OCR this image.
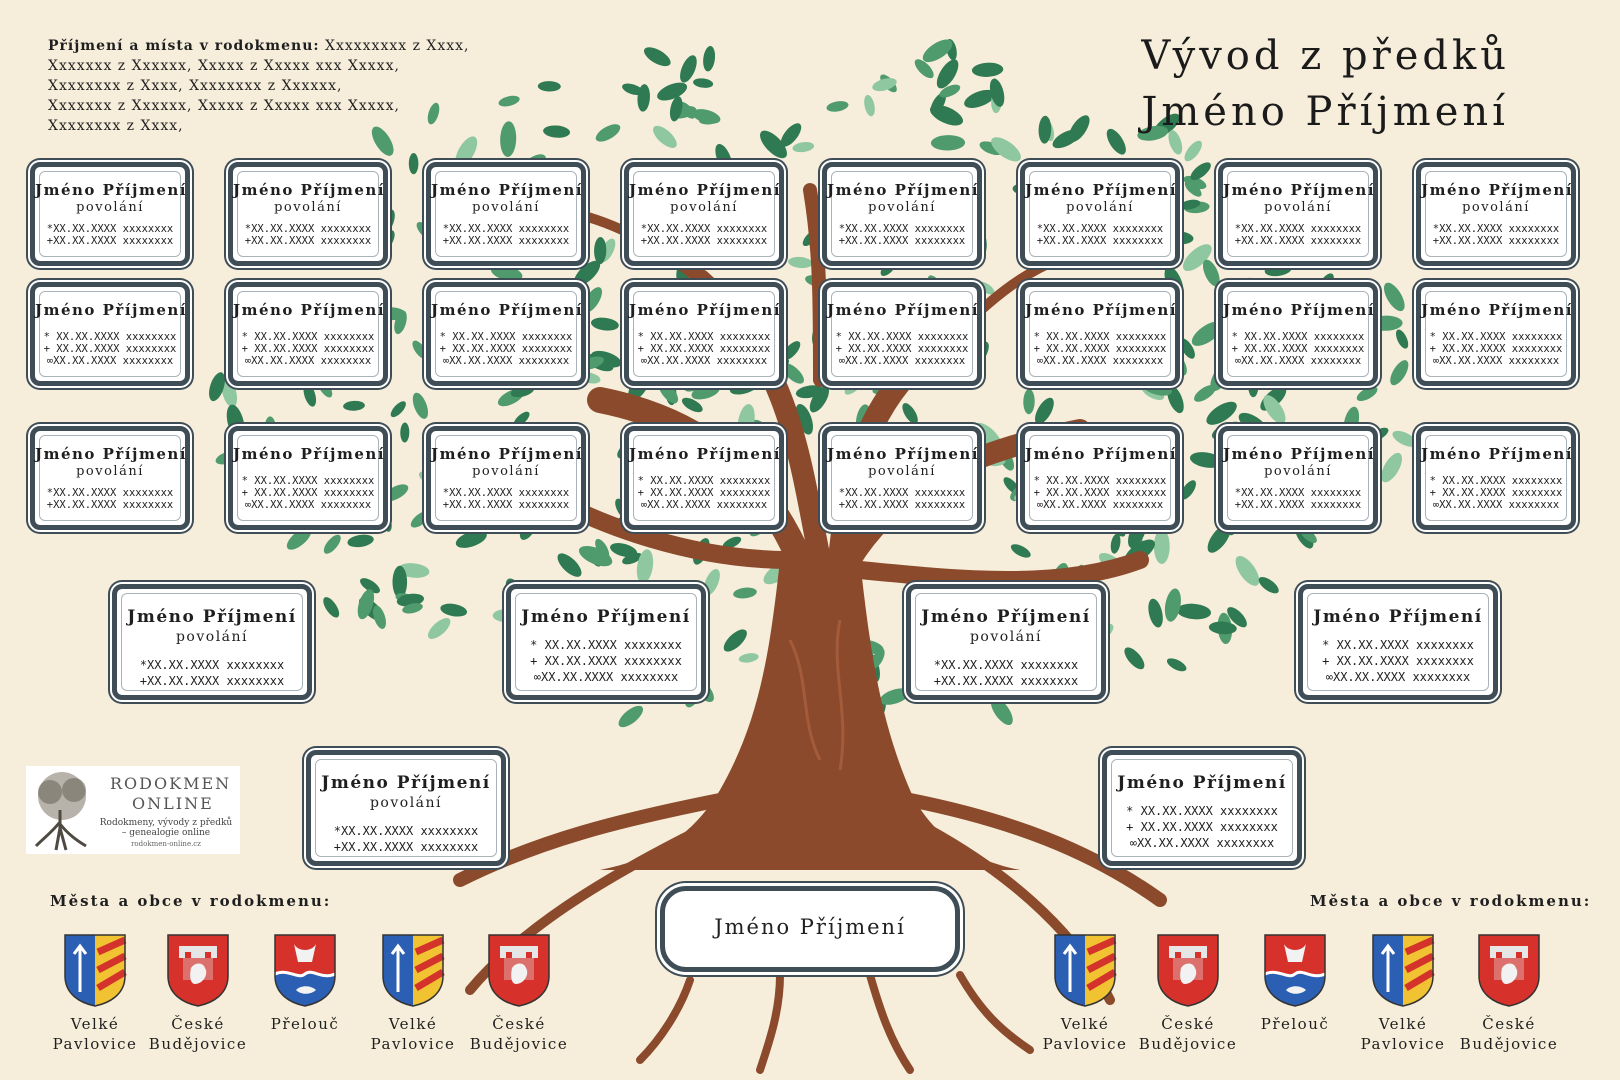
Příjmení a místa v rodokmenu: Xxxxxxxxx z Xxxx,
Xxxxxxx z Xxxxxx, Xxxxx z Xxxxx xxx Xxxxx,
Xxxxxxxx z Xxxx, Xxxxxxxx z Xxxxxx,
Xxxxxxx z Xxxxxx, Xxxxx z Xxxxx xxx Xxxxx,
Xxxxxxxx z Xxxx,
Vývod z předků
Jméno Příjmení
Jméno Příjmení
povolání
*XX.XX.XXXX xxxxxxxx
+XX.XX.XXXX xxxxxxxx
Jméno Příjmení
povolání
*XX.XX.XXXX xxxxxxxx
+XX.XX.XXXX xxxxxxxx
Jméno Příjmení
povolání
*XX.XX.XXXX xxxxxxxx
+XX.XX.XXXX xxxxxxxx
Jméno Příjmení
povolání
*XX.XX.XXXX xxxxxxxx
+XX.XX.XXXX xxxxxxxx
Jméno Příjmení
povolání
*XX.XX.XXXX xxxxxxxx
+XX.XX.XXXX xxxxxxxx
Jméno Příjmení
povolání
*XX.XX.XXXX xxxxxxxx
+XX.XX.XXXX xxxxxxxx
Jméno Příjmení
povolání
*XX.XX.XXXX xxxxxxxx
+XX.XX.XXXX xxxxxxxx
Jméno Příjmení
povolání
*XX.XX.XXXX xxxxxxxx
+XX.XX.XXXX xxxxxxxx
Jméno Příjmení
* XX.XX.XXXX xxxxxxxx
+ XX.XX.XXXX xxxxxxxx
∞XX.XX.XXXX xxxxxxxx
Jméno Příjmení
* XX.XX.XXXX xxxxxxxx
+ XX.XX.XXXX xxxxxxxx
∞XX.XX.XXXX xxxxxxxx
Jméno Příjmení
* XX.XX.XXXX xxxxxxxx
+ XX.XX.XXXX xxxxxxxx
∞XX.XX.XXXX xxxxxxxx
Jméno Příjmení
* XX.XX.XXXX xxxxxxxx
+ XX.XX.XXXX xxxxxxxx
∞XX.XX.XXXX xxxxxxxx
Jméno Příjmení
* XX.XX.XXXX xxxxxxxx
+ XX.XX.XXXX xxxxxxxx
∞XX.XX.XXXX xxxxxxxx
Jméno Příjmení
* XX.XX.XXXX xxxxxxxx
+ XX.XX.XXXX xxxxxxxx
∞XX.XX.XXXX xxxxxxxx
Jméno Příjmení
* XX.XX.XXXX xxxxxxxx
+ XX.XX.XXXX xxxxxxxx
∞XX.XX.XXXX xxxxxxxx
Jméno Příjmení
* XX.XX.XXXX xxxxxxxx
+ XX.XX.XXXX xxxxxxxx
∞XX.XX.XXXX xxxxxxxx
Jméno Příjmení
povolání
*XX.XX.XXXX xxxxxxxx
+XX.XX.XXXX xxxxxxxx
Jméno Příjmení
* XX.XX.XXXX xxxxxxxx
+ XX.XX.XXXX xxxxxxxx
∞XX.XX.XXXX xxxxxxxx
Jméno Příjmení
povolání
*XX.XX.XXXX xxxxxxxx
+XX.XX.XXXX xxxxxxxx
Jméno Příjmení
* XX.XX.XXXX xxxxxxxx
+ XX.XX.XXXX xxxxxxxx
∞XX.XX.XXXX xxxxxxxx
Jméno Příjmení
povolání
*XX.XX.XXXX xxxxxxxx
+XX.XX.XXXX xxxxxxxx
Jméno Příjmení
* XX.XX.XXXX xxxxxxxx
+ XX.XX.XXXX xxxxxxxx
∞XX.XX.XXXX xxxxxxxx
Jméno Příjmení
povolání
*XX.XX.XXXX xxxxxxxx
+XX.XX.XXXX xxxxxxxx
Jméno Příjmení
* XX.XX.XXXX xxxxxxxx
+ XX.XX.XXXX xxxxxxxx
∞XX.XX.XXXX xxxxxxxx
Jméno Příjmení
povolání
*XX.XX.XXXX xxxxxxxx
+XX.XX.XXXX xxxxxxxx
Jméno Příjmení
* XX.XX.XXXX xxxxxxxx
+ XX.XX.XXXX xxxxxxxx
∞XX.XX.XXXX xxxxxxxx
Jméno Příjmení
povolání
*XX.XX.XXXX xxxxxxxx
+XX.XX.XXXX xxxxxxxx
Jméno Příjmení
* XX.XX.XXXX xxxxxxxx
+ XX.XX.XXXX xxxxxxxx
∞XX.XX.XXXX xxxxxxxx
Jméno Příjmení
povolání
*XX.XX.XXXX xxxxxxxx
+XX.XX.XXXX xxxxxxxx
Jméno Příjmení
* XX.XX.XXXX xxxxxxxx
+ XX.XX.XXXX xxxxxxxx
∞XX.XX.XXXX xxxxxxxx
Jméno Příjmení
RODOKMEN
ONLINE
Rodokmeny, vývody z předků
– genealogie online
rodokmen-online.cz
Města a obce v rodokmenu:	Města a obce v rodokmenu:
Velké
Pavlovice
České
Budějovice
Přelouč	Velké
Pavlovice
České
Budějovice
Velké
Pavlovice
České
Budějovice
Přelouč	Velké
Pavlovice
České
Budějovice
